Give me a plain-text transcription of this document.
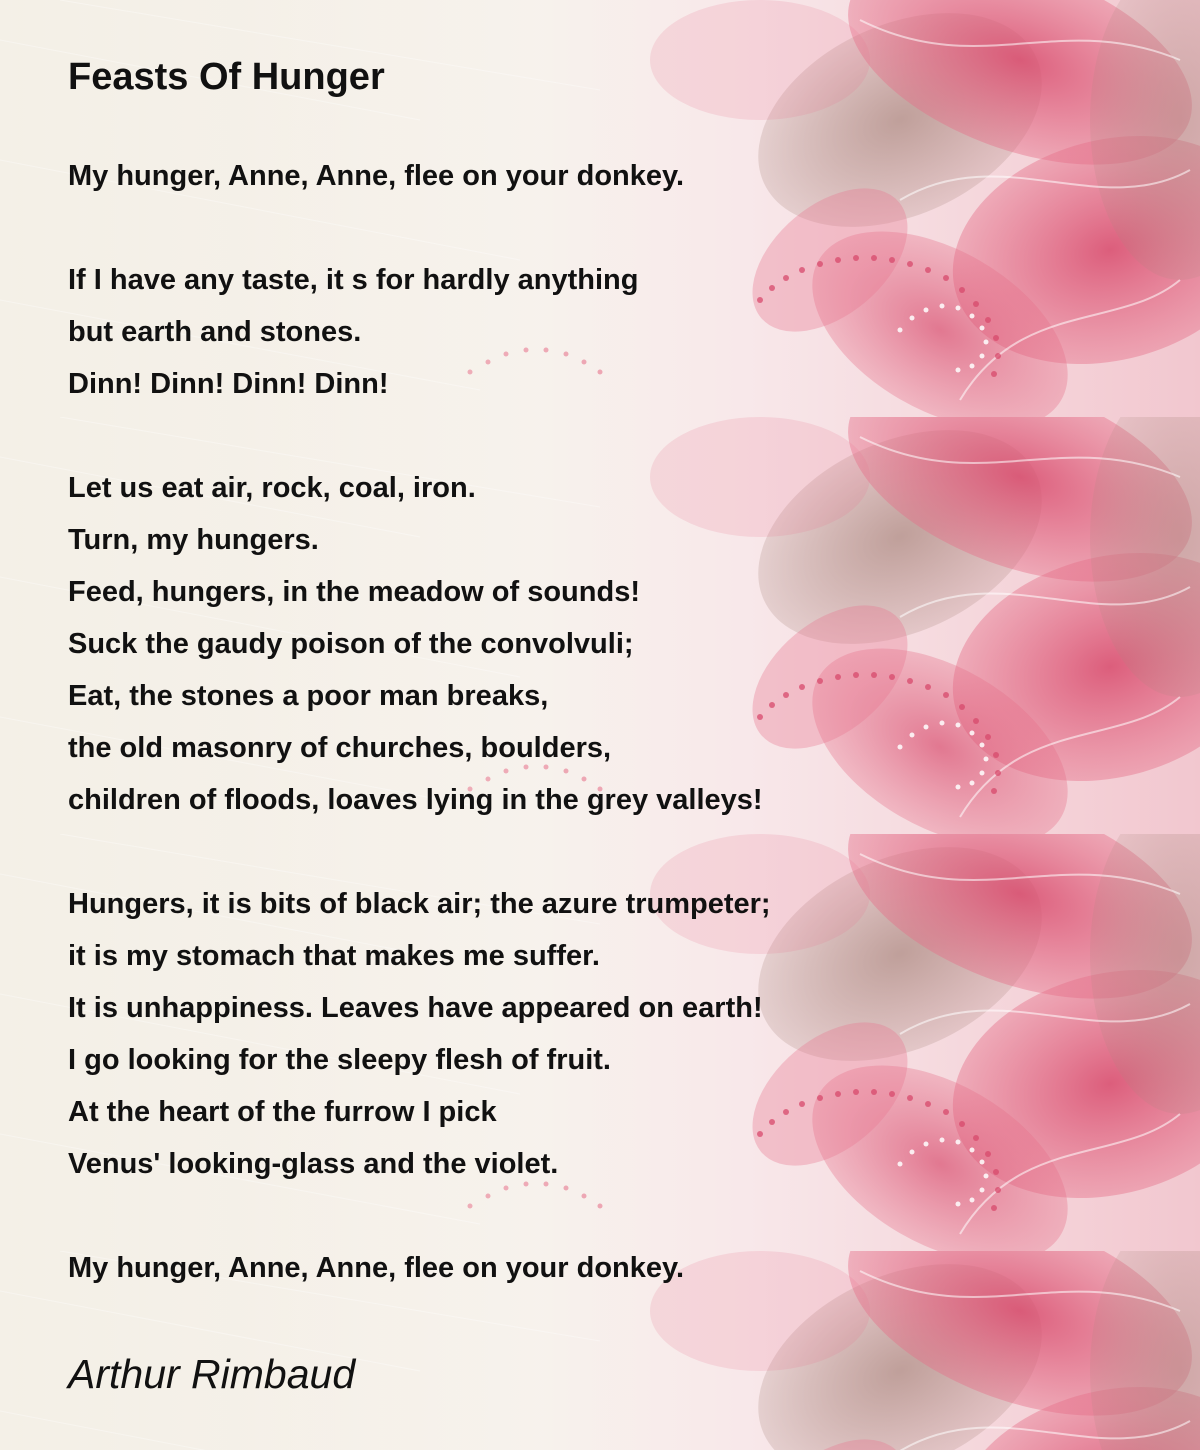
Feasts Of Hunger
My hunger, Anne, Anne, flee on your donkey.
If I have any taste, it s for hardly anything
but earth and stones.
Dinn! Dinn! Dinn! Dinn!
Let us eat air, rock, coal, iron.
Turn, my hungers.
Feed, hungers, in the meadow of sounds!
Suck the gaudy poison of the convolvuli;
Eat, the stones a poor man breaks,
the old masonry of churches, boulders,
children of floods, loaves lying in the grey valleys!
Hungers, it is bits of black air; the azure trumpeter;
it is my stomach that makes me suffer.
It is unhappiness. Leaves have appeared on earth!
I go looking for the sleepy flesh of fruit.
At the heart of the furrow I pick
Venus' looking-glass and the violet.
My hunger, Anne, Anne, flee on your donkey.
Arthur Rimbaud
